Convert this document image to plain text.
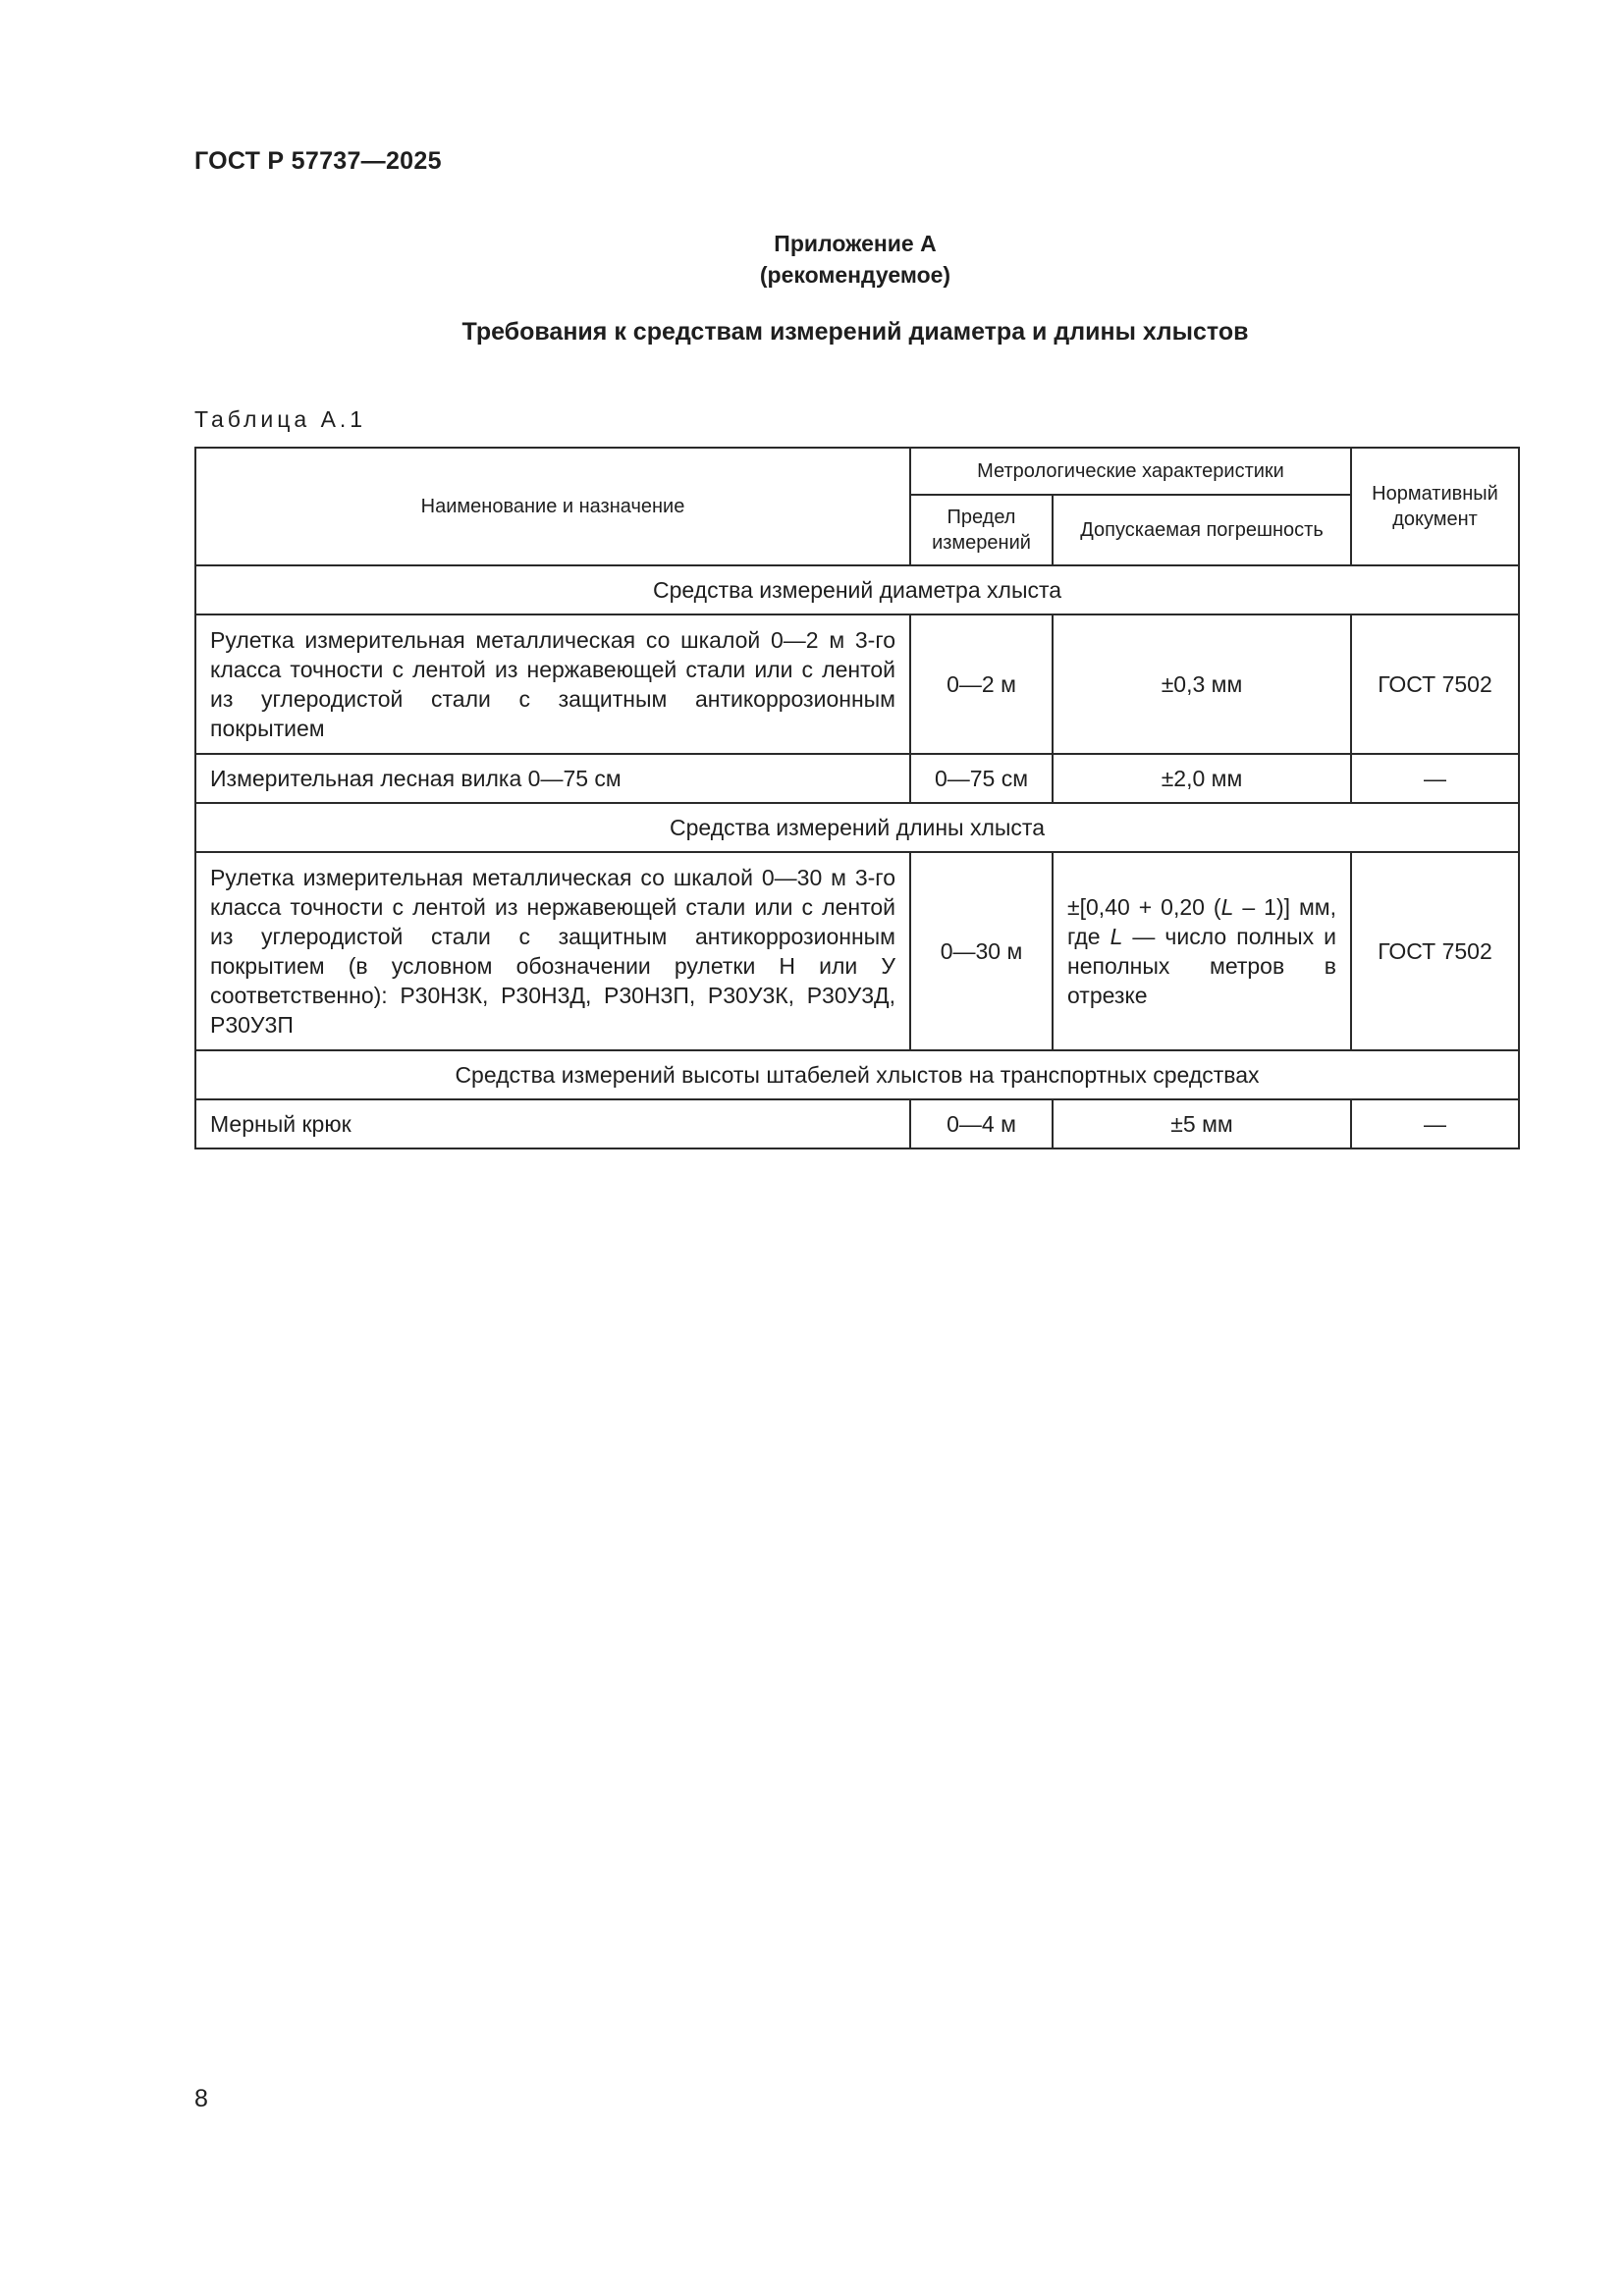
ГОСТ Р 57737—2025
Приложение А
(рекомендуемое)
Требования к средствам измерений диаметра и длины хлыстов
Таблица А.1
Наименование и назначение	Метрологические характеристики		Нормативный документ
	Предел измерений	Допускаемая погрешность	
Средства измерений диаметра хлыста			
Рулетка измерительная металлическая со шкалой 0—2 м 3-го класса точности с лентой из нержавеющей стали или с лентой из углеродистой стали с защитным антикоррозионным покрытием	0—2 м	±0,3 мм	ГОСТ 7502
Измерительная лесная вилка 0—75 см	0—75 см	±2,0 мм	—
Средства измерений длины хлыста			
Рулетка измерительная металлическая со шкалой 0—30 м 3-го класса точности с лентой из нержавеющей стали или с лентой из углеродистой стали с защитным антикоррозионным покрытием (в условном обозначении рулетки Н или У соответственно): Р30Н3К, Р30Н3Д, Р30Н3П, Р30У3К, Р30У3Д, Р30У3П	0—30 м	±[0,40 + 0,20 (L – 1)] мм, где L — число полных и неполных метров в отрезке	ГОСТ 7502
Средства измерений высоты штабелей хлыстов на транспортных средствах			
Мерный крюк	0—4 м	±5 мм	—
8
